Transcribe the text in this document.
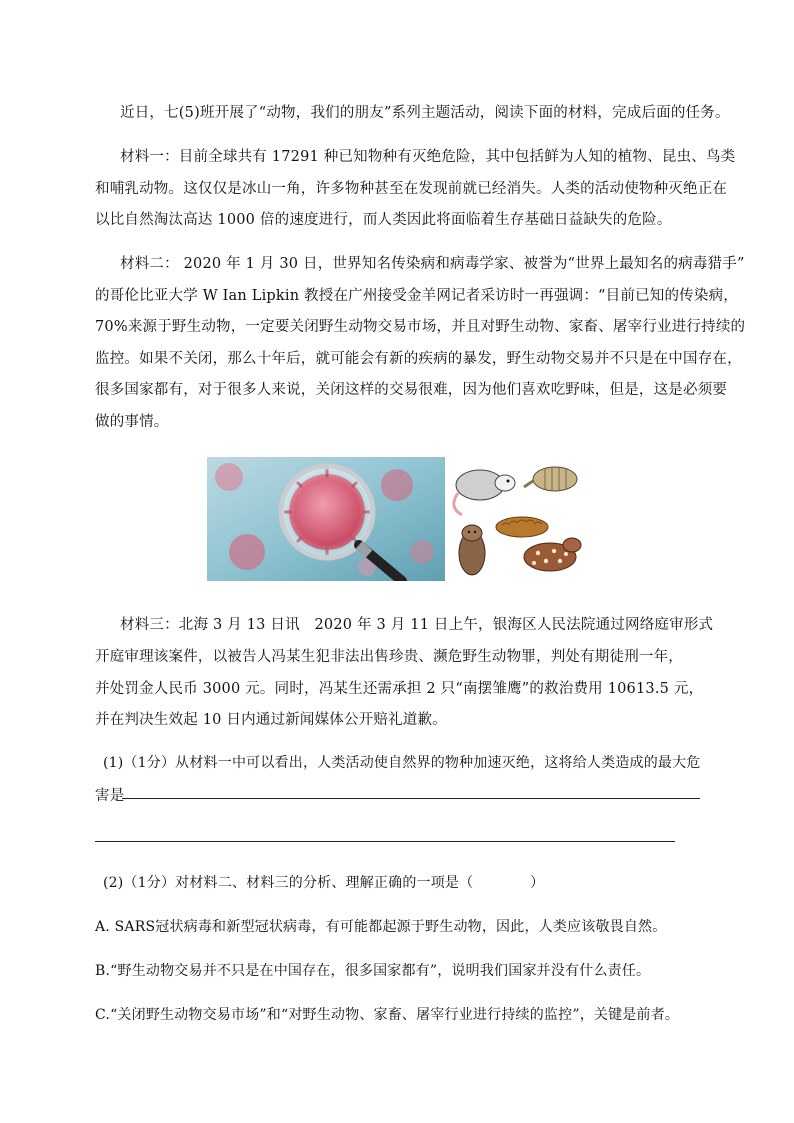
近日，七(5)班开展了“动物，我们的朋友”系列主题活动，阅读下面的材料，完成后面的任务。
材料一：目前全球共有 17291 种已知物种有灭绝危险，其中包括鲜为人知的植物、昆虫、鸟类
和哺乳动物。这仅仅是冰山一角，许多物种甚至在发现前就已经消失。人类的活动使物种灭绝正在
以比自然淘汰高达 1000 倍的速度进行，而人类因此将面临着生存基础日益缺失的危险。
材料二： 2020 年 1 月 30 日，世界知名传染病和病毒学家、被誉为“世界上最知名的病毒猎手”
的哥伦比亚大学 W Ian Lipkin 教授在广州接受金羊网记者采访时一再强调：“目前已知的传染病，
70%来源于野生动物，一定要关闭野生动物交易市场，并且对野生动物、家畜、屠宰行业进行持续的
监控。如果不关闭，那么十年后，就可能会有新的疾病的暴发，野生动物交易并不只是在中国存在，
很多国家都有，对于很多人来说，关闭这样的交易很难，因为他们喜欢吃野味，但是，这是必须要
做的事情。
材料三：北海 3 月 13 日讯　2020 年 3 月 11 日上午，银海区人民法院通过网络庭审形式
开庭审理该案件，以被告人冯某生犯非法出售珍贵、濒危野生动物罪，判处有期徒刑一年，
并处罚金人民币 3000 元。同时，冯某生还需承担 2 只“南摆雏鹰”的救治费用 10613.5 元，
并在判决生效起 10 日内通过新闻媒体公开赔礼道歉。
(1)（1分）从材料一中可以看出，人类活动使自然界的物种加速灭绝，这将给人类造成的最大危
害是
(2)（1分）对材料二、材料三的分析、理解正确的一项是（　　　　）
A. SARS冠状病毒和新型冠状病毒，有可能都起源于野生动物，因此，人类应该敬畏自然。
B.“野生动物交易并不只是在中国存在，很多国家都有”，说明我们国家并没有什么责任。
C.“关闭野生动物交易市场”和“对野生动物、家畜、屠宰行业进行持续的监控”，关键是前者。
